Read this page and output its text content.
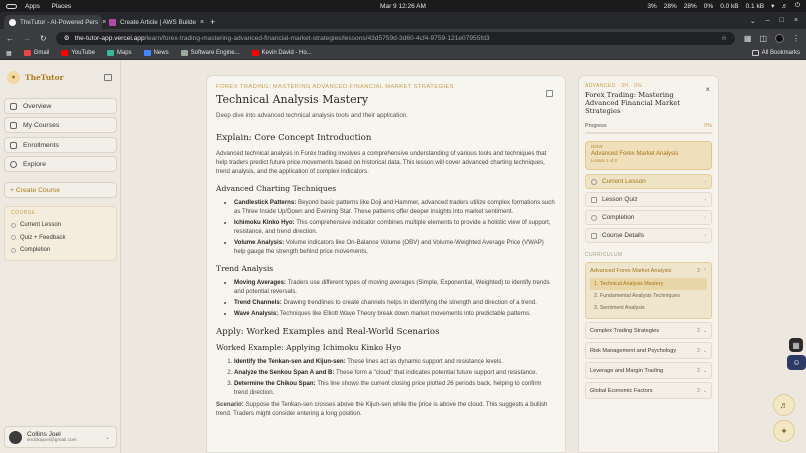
Apps Places	Mar 9 12:26 AM	3% 28% 28% 0% 0.0 kB 0.1 kB ▾ ♬ ⏻
TheTutor - AI-Powered Pers × Create Article | AWS Builde × +	⌄ – □ ×
← → ↻	⚙ the-tutor-app.vercel.app/learn/forex-trading-mastering-advanced-financial-market-strategies/lessons/43d5759d-3d60-4cf4-9759-121e07955fd3	☆ ▦ ◫	⋮
▦	Gmail	YouTube	Maps	News	Software Engine...	Kevin David - Ho...	All Bookmarks
●	TheTutor
Overview
My Courses
Enrollments
Explore
+ Create Course
COURSE
Current Lesson
Quiz + Feedback
Completion
Collins Joel
tindokajoel@gmail.com	⌄
FOREX TRADING: MASTERING ADVANCED FINANCIAL MARKET STRATEGIES
Technical Analysis Mastery
Deep dive into advanced technical analysis tools and their application.
Explain: Core Concept Introduction

Advanced technical analysis in Forex trading involves a comprehensive understanding of various tools and techniques that help traders predict future price movements based on historical data. This lesson will cover advanced charting techniques, trend analysis, and the application of complex indicators.

Advanced Charting Techniques
• Candlestick Patterns: Beyond basic patterns like Doji and Hammer, advanced traders utilize complex formations such as Three Inside Up/Down and Evening Star. These patterns offer deeper insights into market sentiment.
• Ichimoku Kinko Hyo: This comprehensive indicator combines multiple elements to provide a holistic view of support, resistance, and trend direction.
• Volume Analysis: Volume indicators like On-Balance Volume (OBV) and Volume-Weighted Average Price (VWAP) help gauge the strength behind price movements.
Trend Analysis
• Moving Averages: Traders use different types of moving averages (Simple, Exponential, Weighted) to identify trends and potential reversals.
• Trend Channels: Drawing trendlines to create channels helps in identifying the strength and direction of a trend.
• Wave Analysis: Techniques like Elliott Wave Theory break down market movements into predictable patterns.
Apply: Worked Examples and Real-World Scenarios
Worked Example: Applying Ichimoku Kinko Hyo
1. Identify the Tenkan-sen and Kijun-sen: These lines act as dynamic support and resistance levels.
2. Analyze the Senkou Span A and B: These form a "cloud" that indicates potential future support and resistance.
3. Determine the Chikou Span: This line shows the current closing price plotted 26 periods back, helping to confirm trend direction.

Scenario: Suppose the Tenkan-sen crosses above the Kijun-sen while the price is above the cloud. This suggests a bullish trend. Traders might consider entering a long position.

×
ADVANCED · 3H · 0%
Forex Trading: Mastering Advanced Financial Market Strategies
Progress	0%
NOW
Advanced Forex Market Analysis
Lesson 1 of 3
Current Lesson	›
Lesson Quiz	›
Completion	›
Course Details	›
CURRICULUM
Advanced Forex Market Analysis	3 ⌃
1. Technical Analysis Mastery
2. Fundamental Analysis Techniques
3. Sentiment Analysis
Complex Trading Strategies	3 ⌄
Risk Management and Psychology	3 ⌄
Leverage and Margin Trading	3 ⌄
Global Economic Factors	3 ⌄
▦
☺
♬
✦
